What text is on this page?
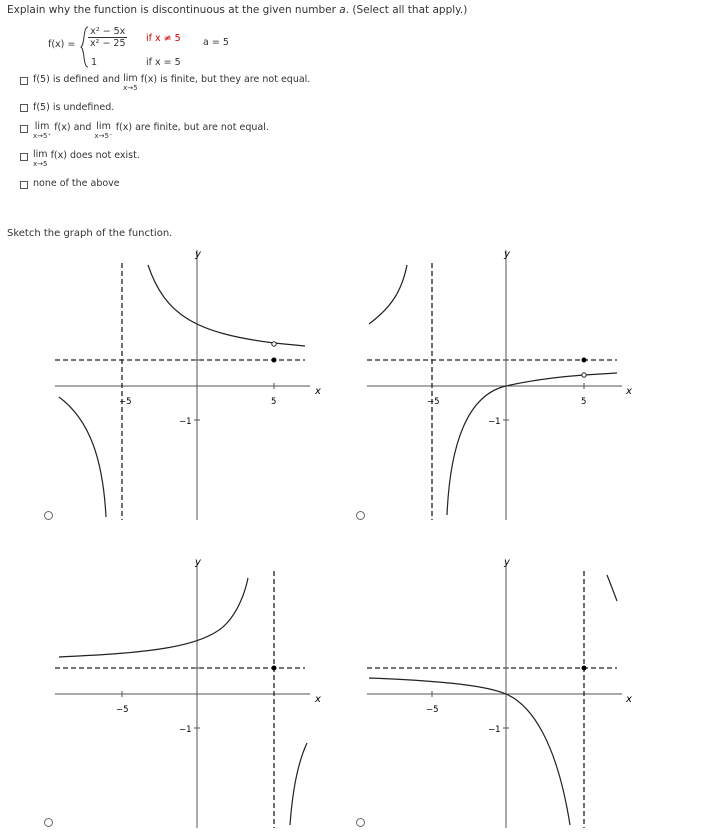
Explain why the function is discontinuous at the given number a. (Select all that apply.)
$f(x) = \frac{\text{x² − 5x}}{\text{x² − 25}}$ if x ≠ 5 a = 5
1	if x = 5
f(5) is defined and lim
x→5
f(x) is finite, but they are not equal.
f(5) is undefined.
lim
x→5⁺
f(x) and lim
x→5⁻
f(x) are finite, but are not equal.
lim
x→5
f(x) does not exist.
none of the above
Sketch the graph of the function.
y
x
−5	5
−1
y
x
−5	5
−1
y
x
−5
−1
y
x
−5
−1
